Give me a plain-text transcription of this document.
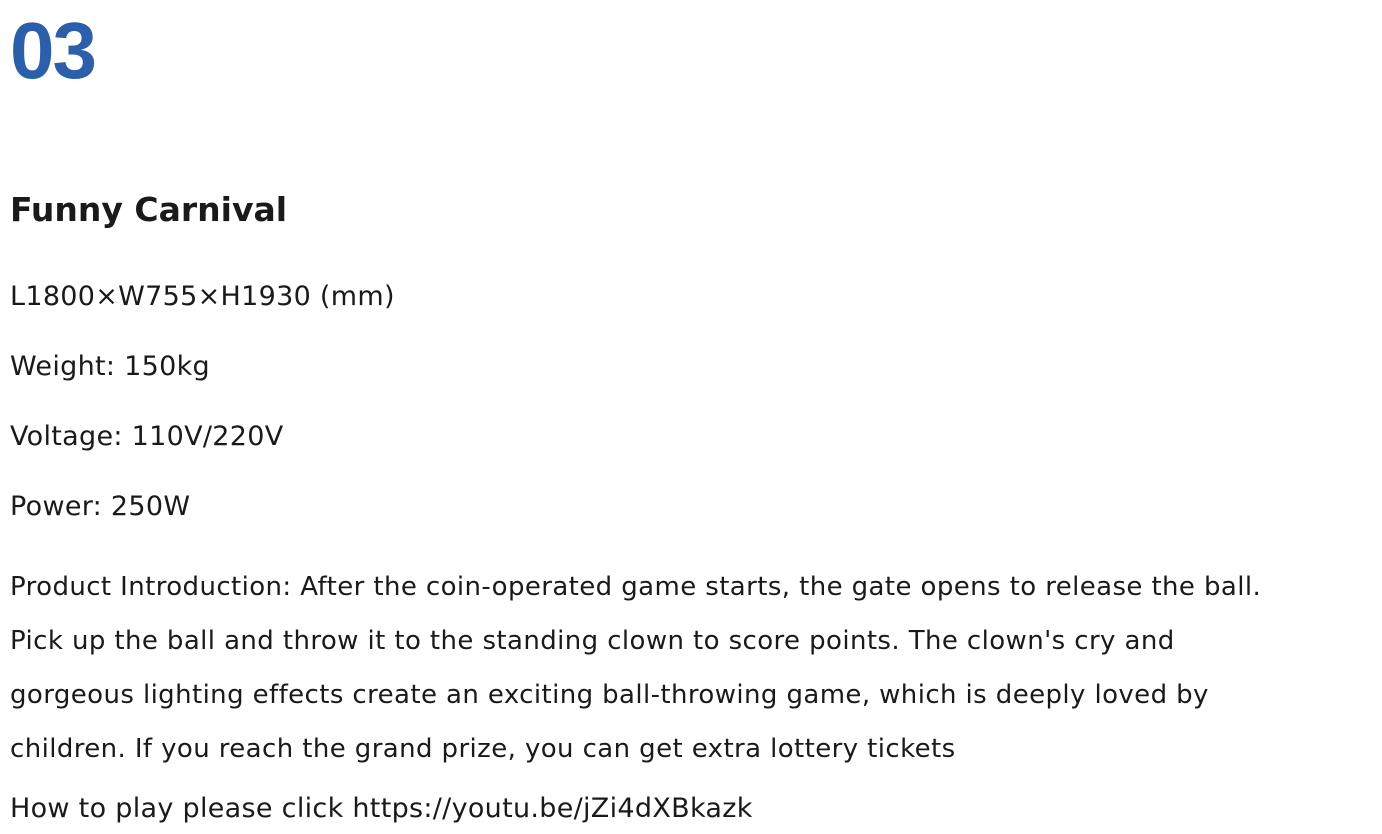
03
Funny Carnival
L1800×W755×H1930 (mm)
Weight: 150kg
Voltage: 110V/220V
Power: 250W
Product Introduction: After the coin-operated game starts, the gate opens to release the ball.
Pick up the ball and throw it to the standing clown to score points. The clown's cry and
gorgeous lighting effects create an exciting ball-throwing game, which is deeply loved by
children. If you reach the grand prize, you can get extra lottery tickets
How to play please click https://youtu.be/jZi4dXBkazk
